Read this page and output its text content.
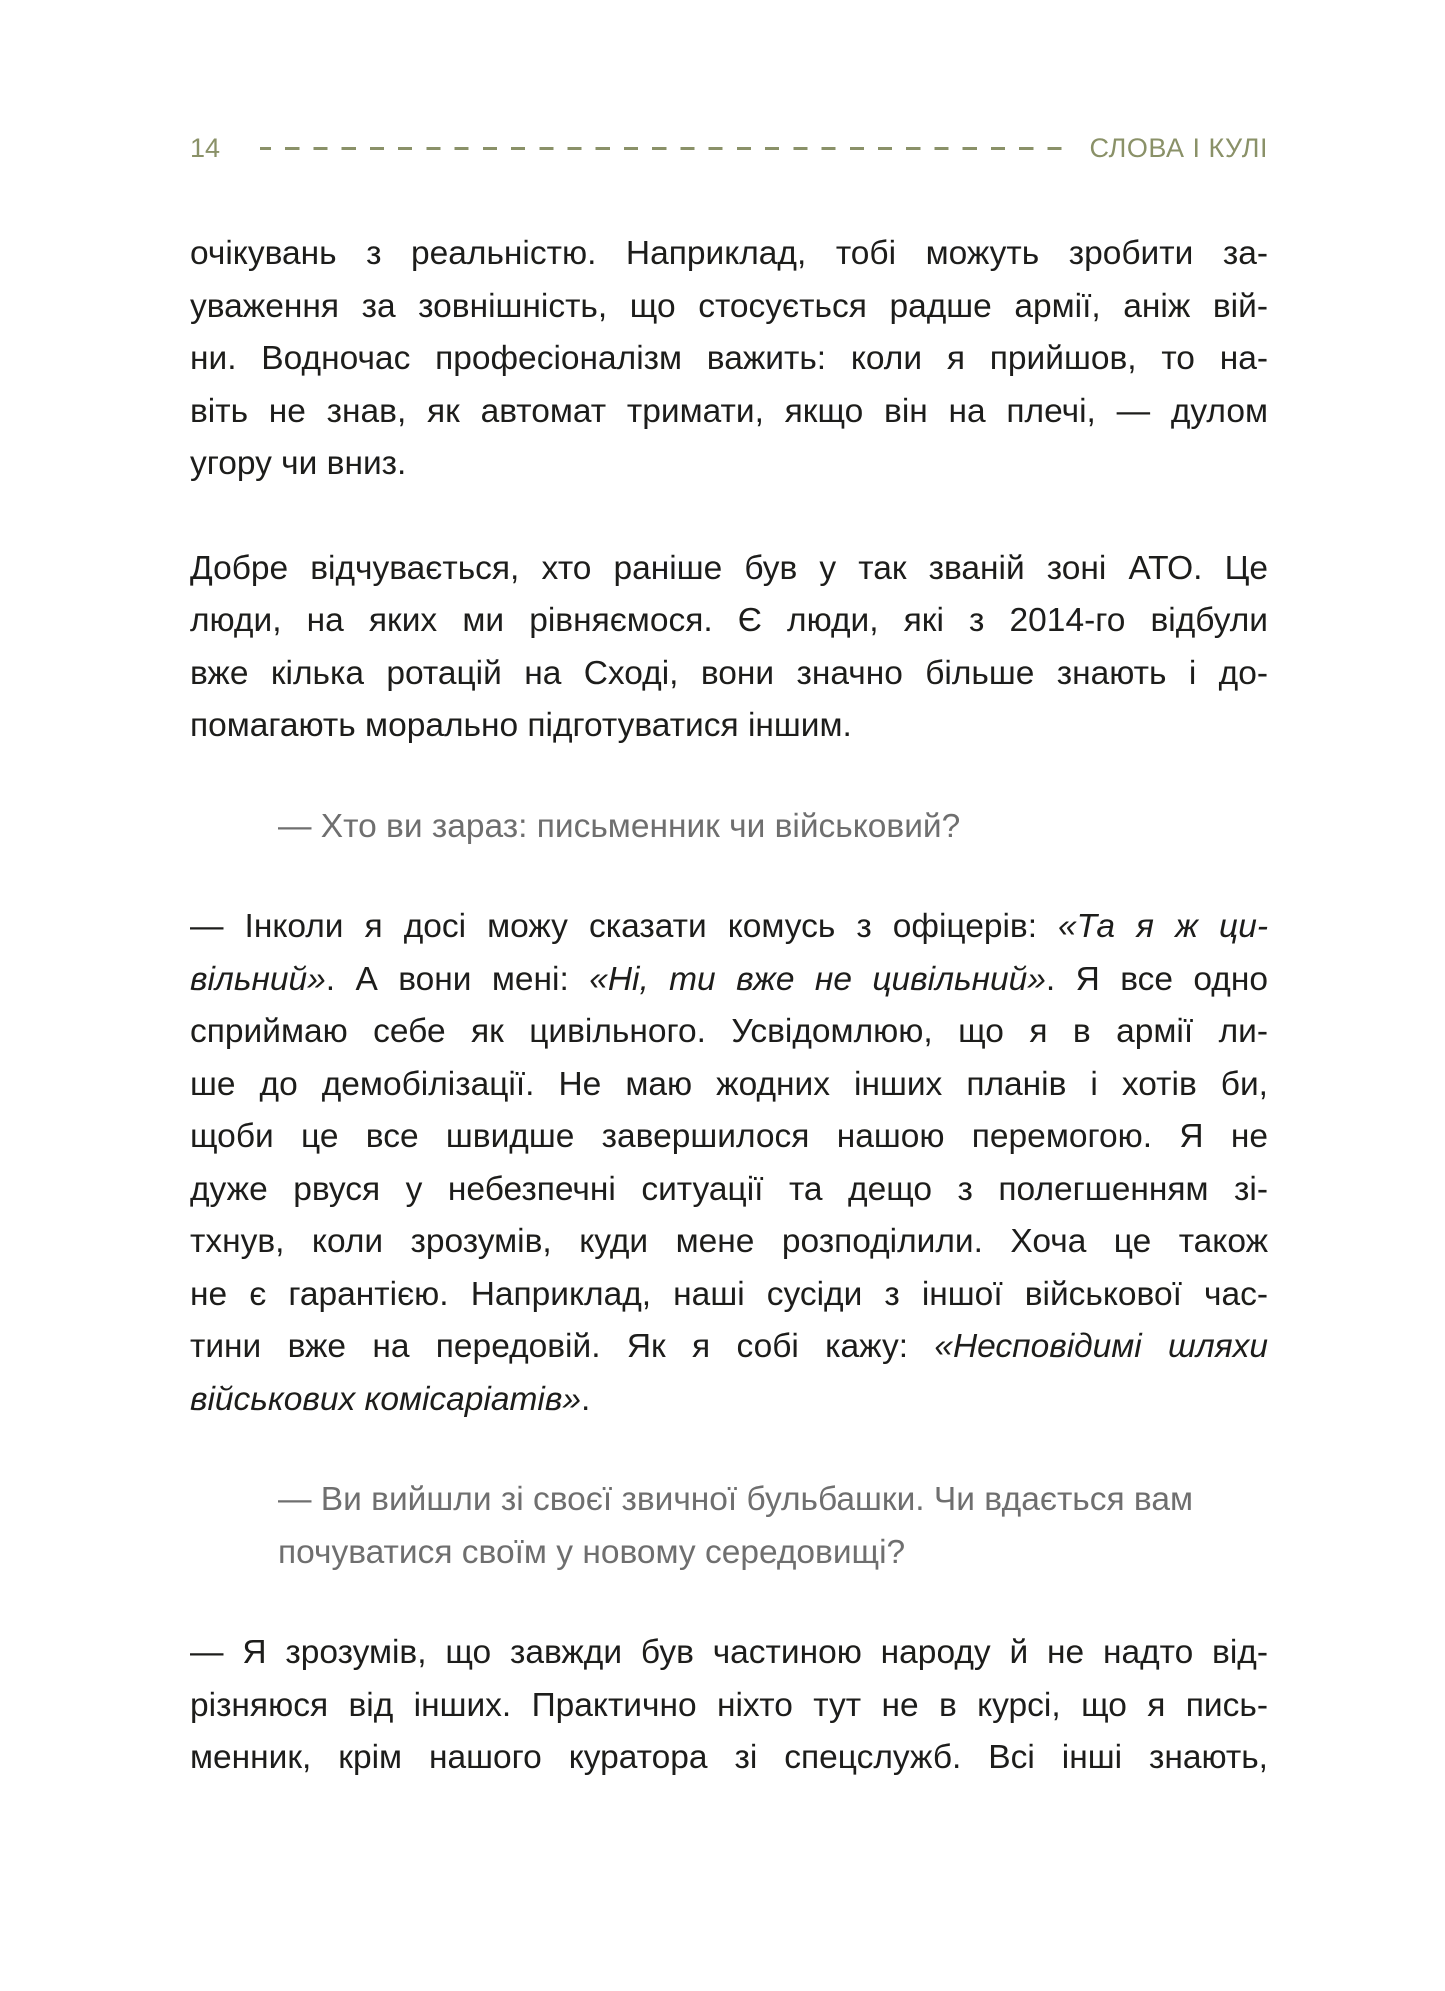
14	СЛОВА І КУЛІ

очікувань з реальністю. Наприклад, тобі можуть зробити за-
уваження за зовнішність, що стосується радше армії, аніж вій-
ни. Водночас професіоналізм важить: коли я прийшов, то на-
віть не знав, як автомат тримати, якщо він на плечі, — дулом
угору чи вниз.

Добре відчувається, хто раніше був у так званій зоні АТО. Це
люди, на яких ми рівняємося. Є люди, які з 2014-го відбули
вже кілька ротацій на Сході, вони значно більше знають і до-
помагають морально підготуватися іншим.

— Хто ви зараз: письменник чи військовий?

— Інколи я досі можу сказати комусь з офіцерів: «Та я ж ци-
вільний». А вони мені: «Ні, ти вже не цивільний». Я все одно
сприймаю себе як цивільного. Усвідомлюю, що я в армії ли-
ше до демобілізації. Не маю жодних інших планів і хотів би,
щоби це все швидше завершилося нашою перемогою. Я не
дуже рвуся у небезпечні ситуації та дещо з полегшенням зі-
тхнув, коли зрозумів, куди мене розподілили. Хоча це також
не є гарантією. Наприклад, наші сусіди з іншої військової час-
тини вже на передовій. Як я собі кажу: «Несповідимі шляхи
військових комісаріатів».

— Ви вийшли зі своєї звичної бульбашки. Чи вдається вам
почуватися своїм у новому середовищі?

— Я зрозумів, що завжди був частиною народу й не надто від-
різняюся від інших. Практично ніхто тут не в курсі, що я пись-
менник, крім нашого куратора зі спецслужб. Всі інші знають,
